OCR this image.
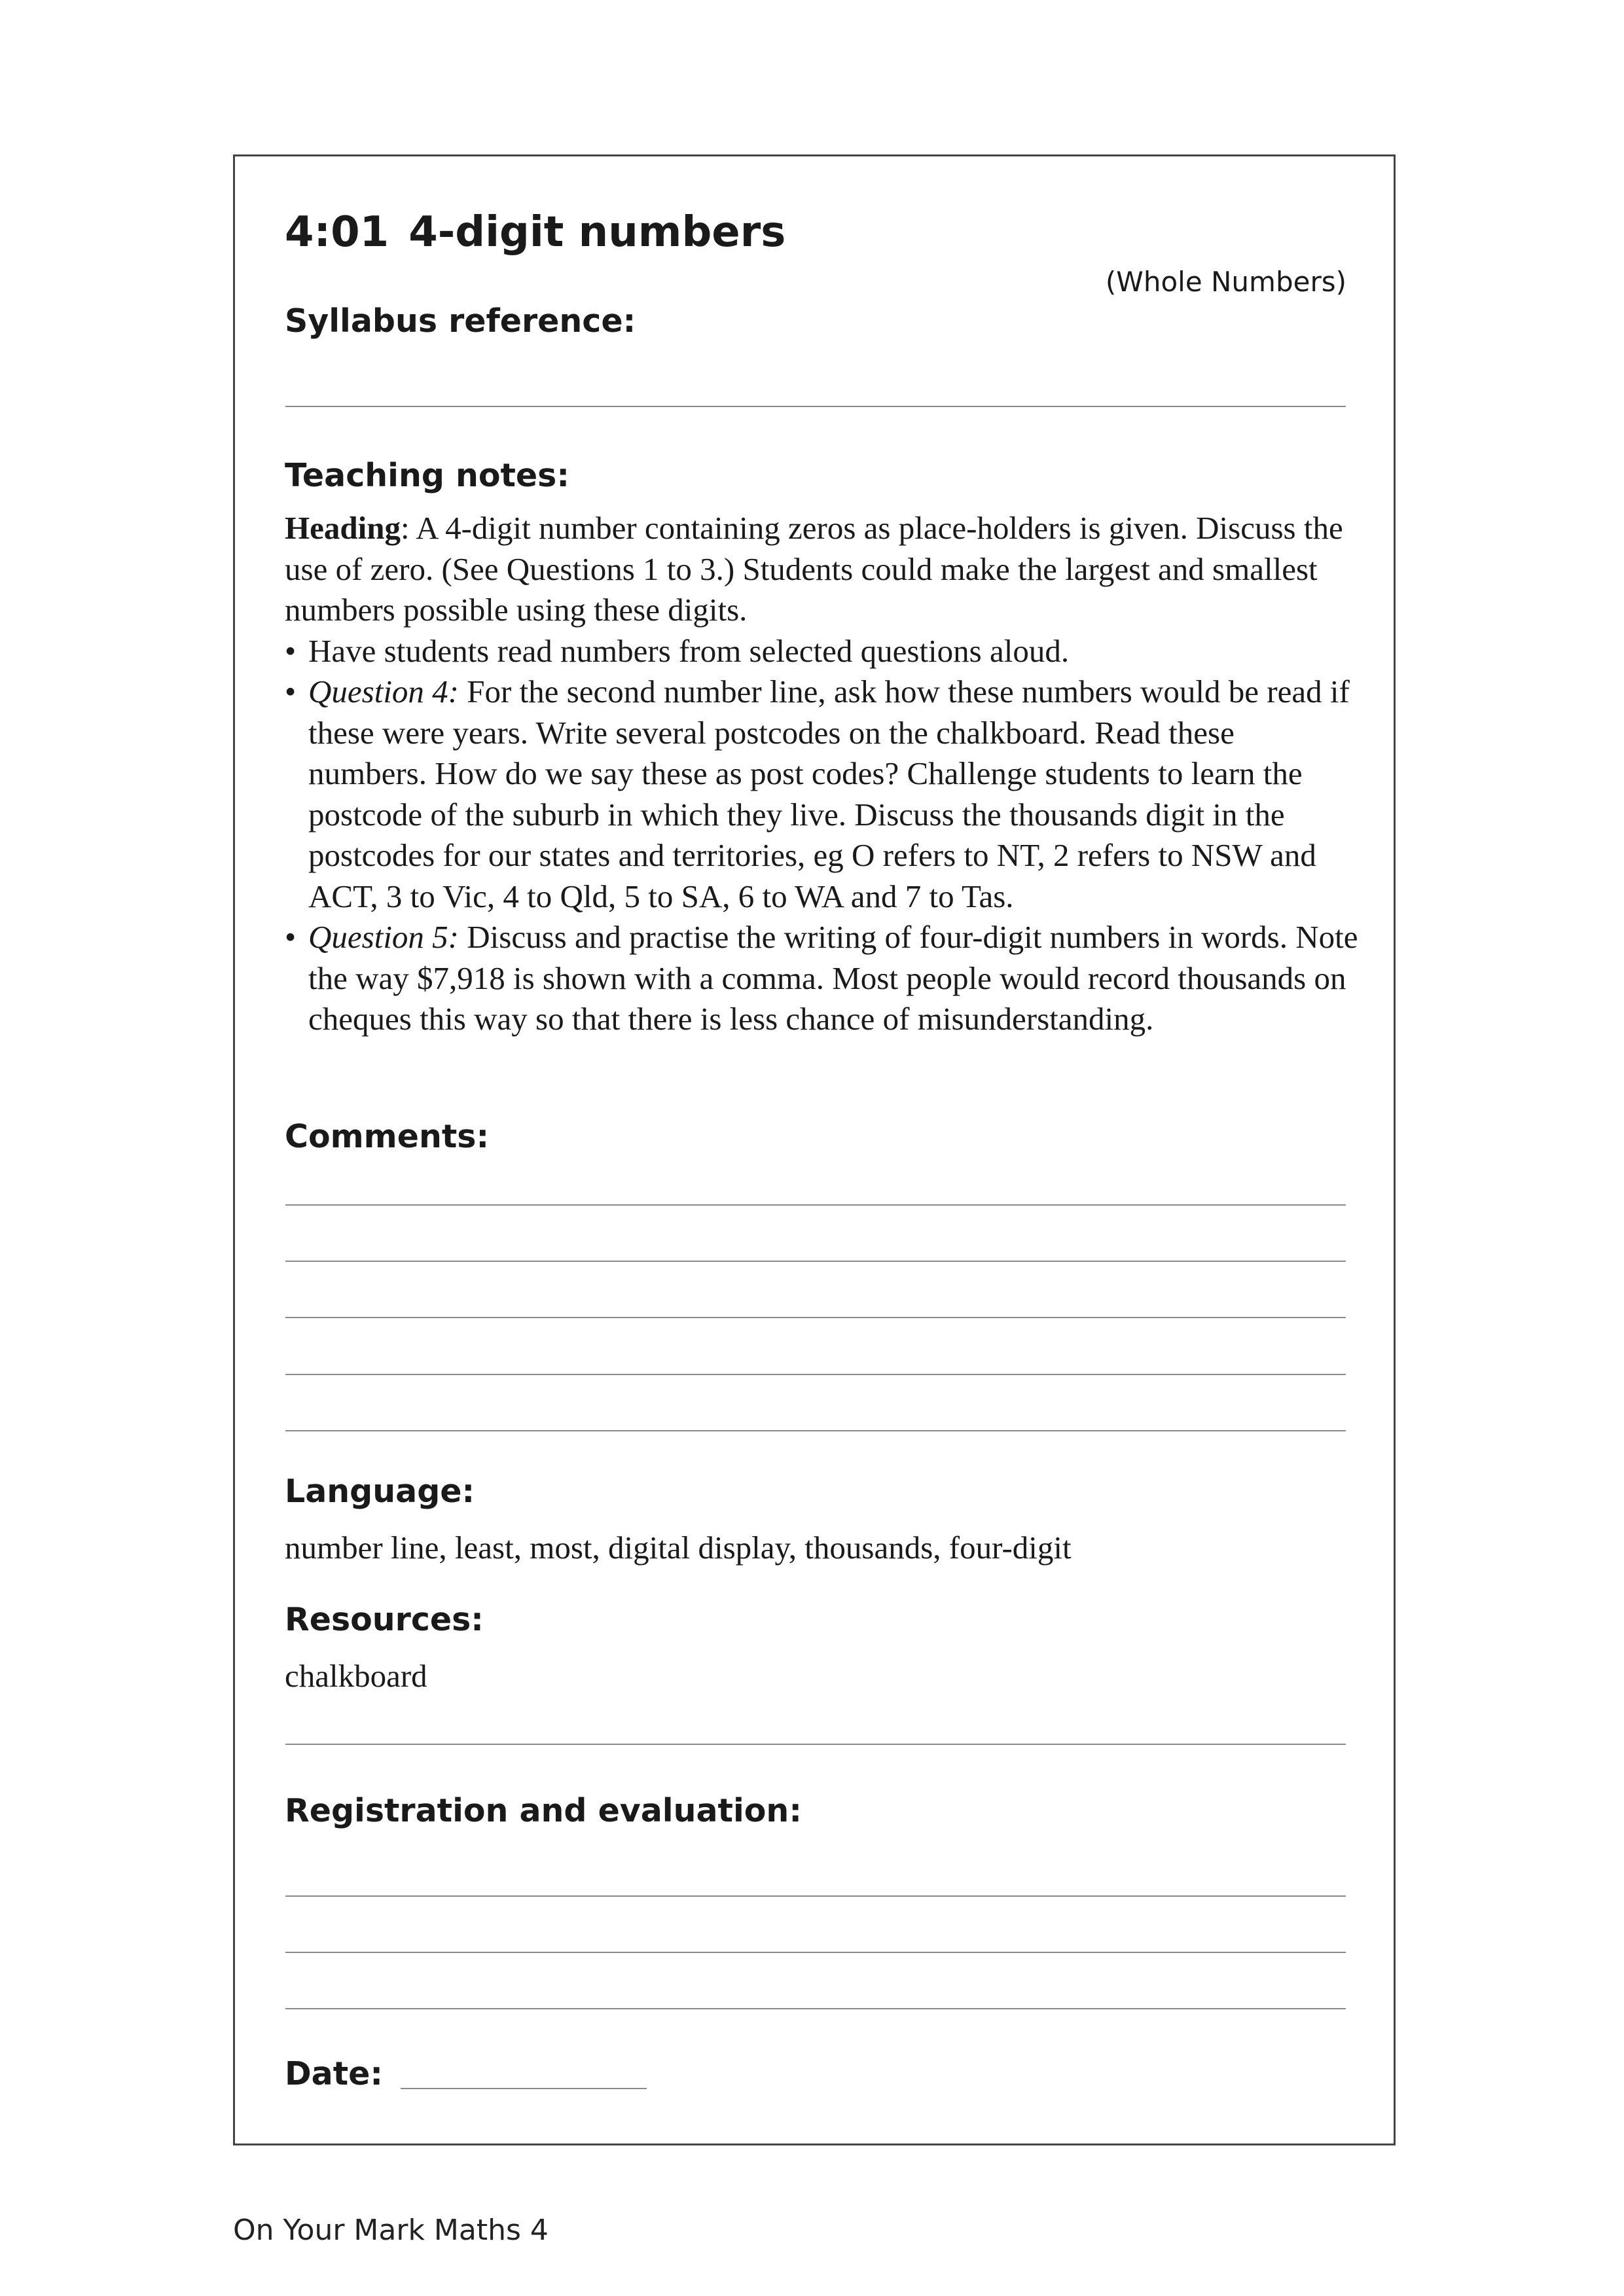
4:01 4-digit numbers
(Whole Numbers)
Syllabus reference:
Teaching notes:

Heading: A 4-digit number containing zeros as place-holders is given. Discuss the use of zero. (See Questions 1 to 3.) Students could make the largest and smallest numbers possible using these digits.

• Have students read numbers from selected questions aloud.
• Question 4: For the second number line, ask how these numbers would be read if these were years. Write several postcodes on the chalkboard. Read these numbers. How do we say these as post codes? Challenge students to learn the postcode of the suburb in which they live. Discuss the thousands digit in the postcodes for our states and territories, eg O refers to NT, 2 refers to NSW and ACT, 3 to Vic, 4 to Qld, 5 to SA, 6 to WA and 7 to Tas.
• Question 5: Discuss and practise the writing of four-digit numbers in words. Note the way $7,918 is shown with a comma. Most people would record thousands on cheques this way so that there is less chance of misunderstanding.
Comments:
Language:
number line, least, most, digital display, thousands, four-digit
Resources:
chalkboard
Registration and evaluation:
Date:
On Your Mark Maths 4
